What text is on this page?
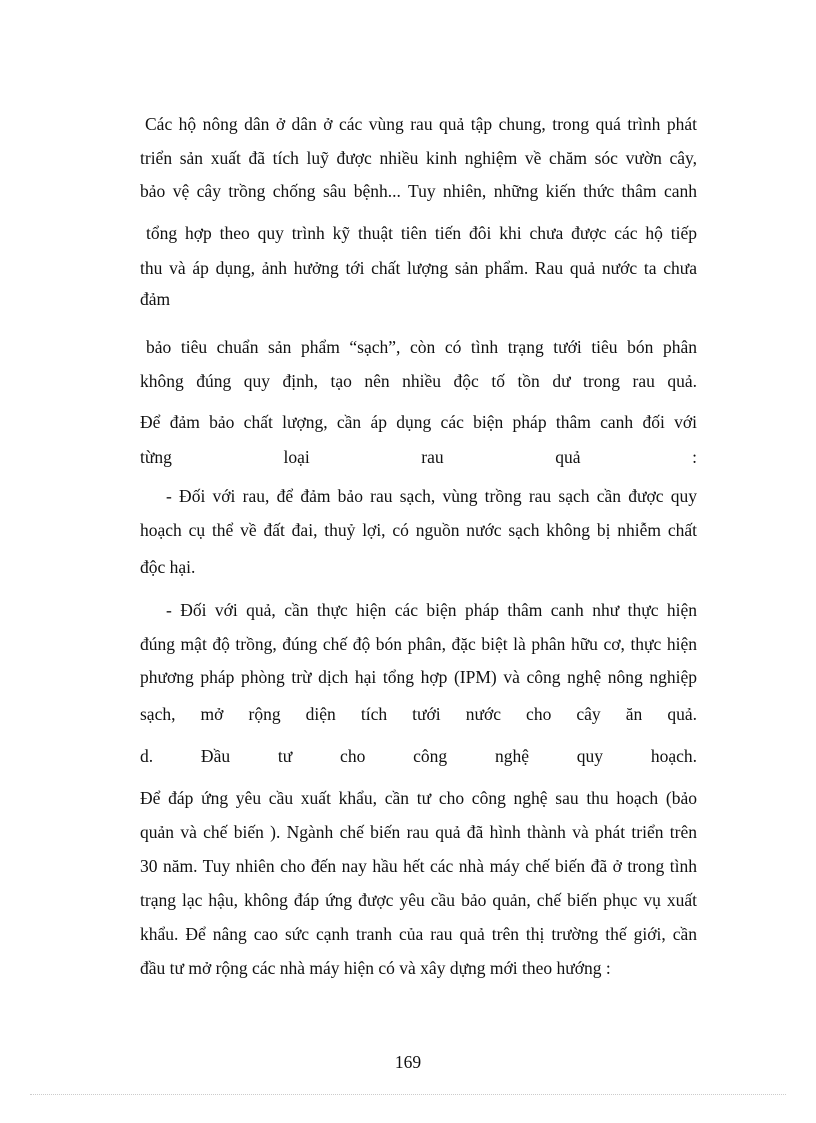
Các hộ nông dân ở dân ở các vùng rau quả tập chung, trong quá trình phát
triển sản xuất đã tích luỹ được nhiều kinh nghiệm về chăm sóc vườn cây,
bảo vệ cây trồng chống sâu bệnh... Tuy nhiên, những kiến thức thâm canh
tổng hợp theo quy trình kỹ thuật tiên tiến đôi khi chưa được các hộ tiếp
thu và áp dụng, ảnh hưởng tới chất lượng sản phẩm. Rau quả nước ta chưa
đảm
bảo tiêu chuẩn sản phẩm “sạch”, còn có tình trạng tưới tiêu bón phân
không đúng quy định, tạo nên nhiều độc tố tồn dư trong rau quả.
Để đảm bảo chất lượng, cần áp dụng các biện pháp thâm canh đối với
từng loại rau quả :
- Đối với rau, để đảm bảo rau sạch, vùng trồng rau sạch cần được quy
hoạch cụ thể về đất đai, thuỷ lợi, có nguồn nước sạch không bị nhiễm chất
độc hại.
- Đối với quả, cần thực hiện các biện pháp thâm canh như thực hiện
đúng mật độ trồng, đúng chế độ bón phân, đặc biệt là phân hữu cơ, thực hiện
phương pháp phòng trừ dịch hại tổng hợp (IPM) và công nghệ nông nghiệp
sạch, mở rộng diện tích tưới nước cho cây ăn quả.
d. Đầu tư cho công nghệ quy hoạch.
Để đáp ứng yêu cầu xuất khẩu, cần tư cho công nghệ sau thu hoạch (bảo
quản và chế biến ). Ngành chế biến rau quả đã hình thành và phát triển trên
30 năm. Tuy nhiên cho đến nay hầu hết các nhà máy chế biến đã ở trong tình
trạng lạc hậu, không đáp ứng được yêu cầu bảo quản, chế biến phục vụ xuất
khẩu. Để nâng cao sức cạnh tranh của rau quả trên thị trường thế giới, cần
đầu tư mở rộng các nhà máy hiện có và xây dựng mới theo hướng :
169
